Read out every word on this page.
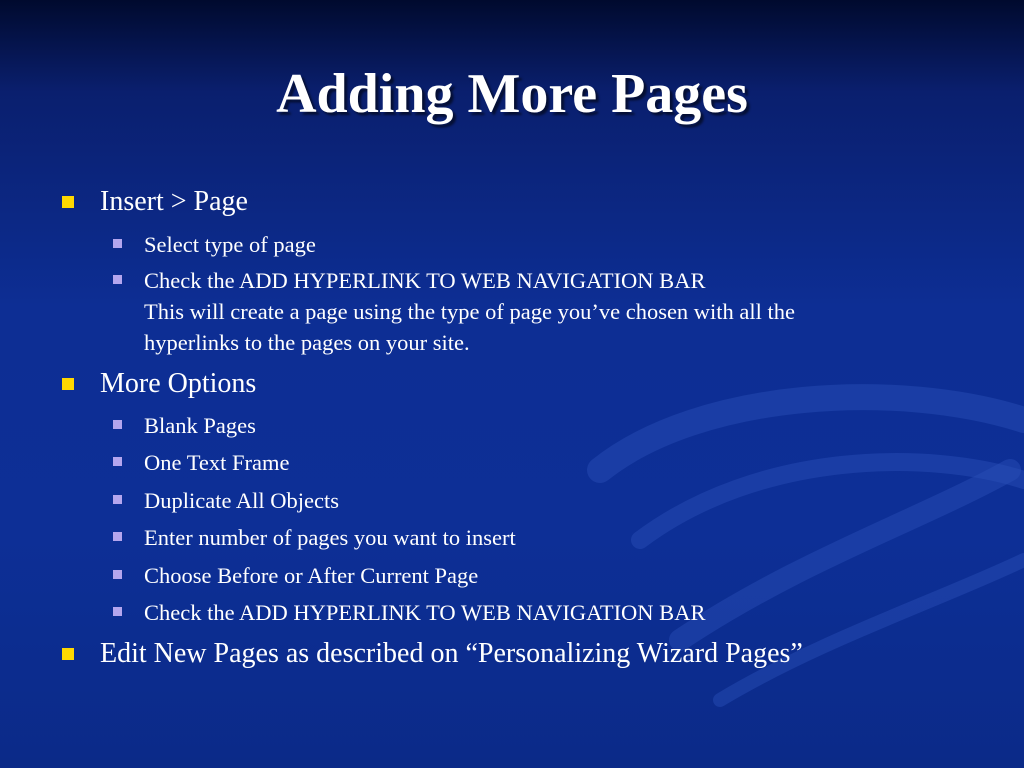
Adding More Pages
Insert > Page
Select type of page
Check the ADD HYPERLINK TO WEB NAVIGATION BAR
This will create a page using the type of page you’ve chosen with all the
hyperlinks to the pages on your site.
More Options
Blank Pages
One Text Frame
Duplicate All Objects
Enter number of pages you want to insert
Choose Before or After Current Page
Check the ADD HYPERLINK TO WEB NAVIGATION BAR
Edit New Pages as described on “Personalizing Wizard Pages”
